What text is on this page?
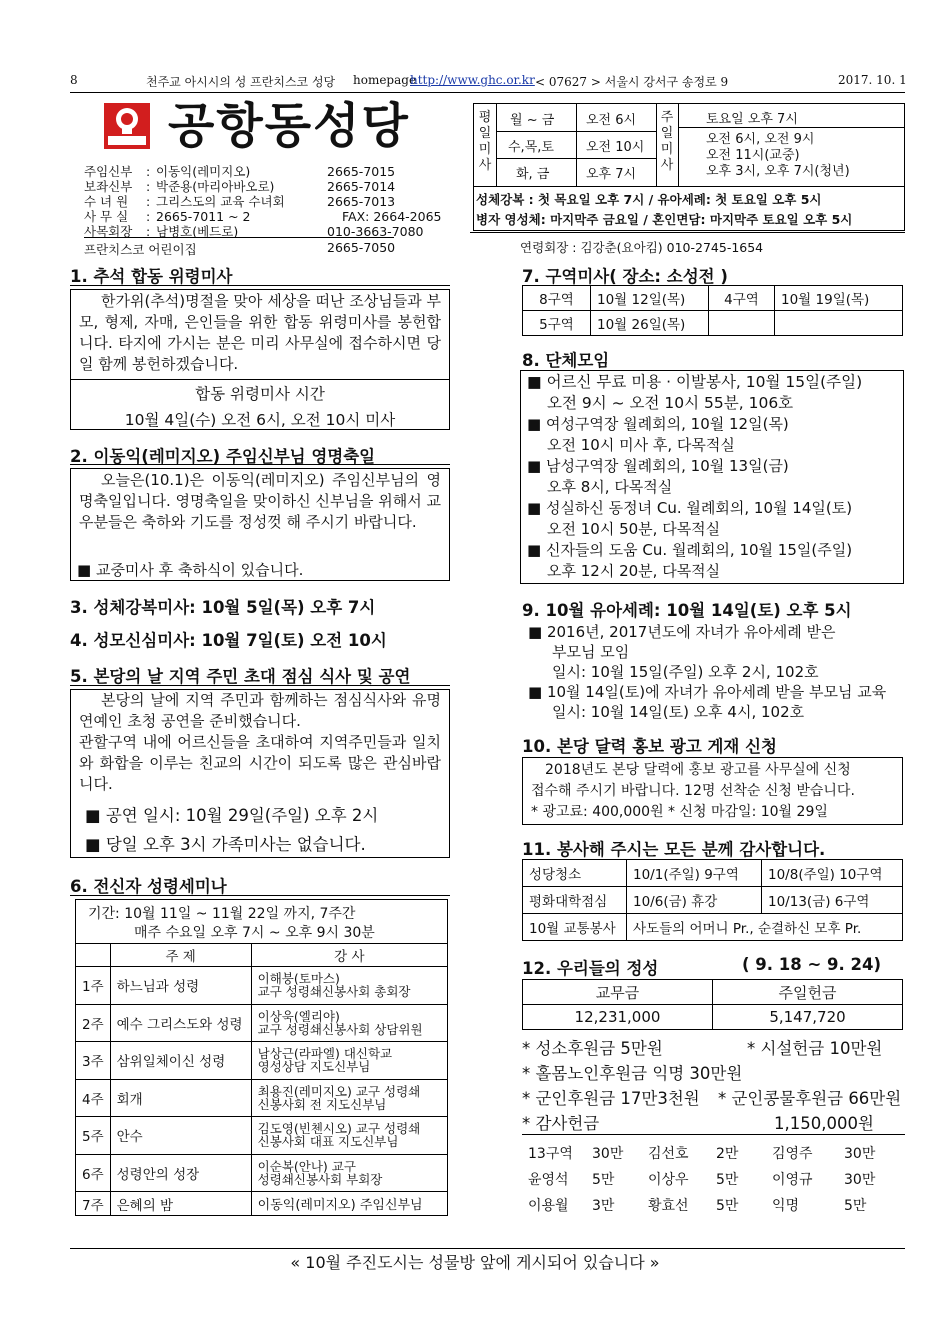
8	천주교 아시시의 성 프란치스코 성당 homepage
http://www.ghc.or.kr < 07627 > 서울시 강서구 송정로 9	2017. 10. 1
공항동성당
주임신부 : 이동익(레미지오)	2665-7015
보좌신부 : 박준용(마리아바오로)	2665-7014
수 녀 원 : 그리스도의 교육 수녀회	2665-7013
사 무 실 : 2665-7011 ~ 2	FAX: 2664-2065
사목회장 : 남병호(베드로)	010-3663-7080
프란치스코 어린이집	2665-7050
평
일
미
사
월 ~ 금 오전 6시
수,목,토 오전 10시
화, 금	오후 7시
주
일
미
사
토요일 오후 7시
오전 6시, 오전 9시
오전 11시(교중)
오후 3시, 오후 7시(청년)
성체강복 : 첫 목요일 오후 7시 / 유아세례: 첫 토요일 오후 5시
병자 영성체: 마지막주 금요일 / 혼인면담: 마지막주 토요일 오후 5시
연령회장 : 김강춘(요아킴) 010-2745-1654
1. 추석 합동 위령미사
한가위(추석)명절을 맞아 세상을 떠난 조상님들과 부모, 형제, 자매, 은인들을 위한 합동 위령미사를 봉헌합니다. 타지에 가시는 분은 미리 사무실에 접수하시면 당일 함께 봉헌하겠습니다.
합동 위령미사 시간
10월 4일(수) 오전 6시, 오전 10시 미사
2. 이동익(레미지오) 주임신부님 영명축일
오늘은(10.1)은 이동익(레미지오) 주임신부님의 영명축일입니다. 영명축일을 맞이하신 신부님을 위해서 교우분들은 축하와 기도를 정성껏 해 주시기 바랍니다.
■ 교중미사 후 축하식이 있습니다.
3. 성체강복미사: 10월 5일(목) 오후 7시
4. 성모신심미사: 10월 7일(토) 오전 10시
5. 본당의 날 지역 주민 초대 점심 식사 및 공연
본당의 날에 지역 주민과 함께하는 점심식사와 유명 연예인 초청 공연을 준비했습니다.
관할구역 내에 어르신들을 초대하여 지역주민들과 일치와 화합을 이루는 친교의 시간이 되도록 많은 관심바랍니다.
■ 공연 일시: 10월 29일(주일) 오후 2시
■ 당일 오후 3시 가족미사는 없습니다.
6. 전신자 성령세미나
기간: 10월 11일 ~ 11월 22일 까지, 7주간
매주 수요일 오후 7시 ~ 오후 9시 30분
	주 제	강 사
1주	하느님과 성령	이해붕(토마스)
교구 성령쇄신봉사회 총회장

2주	예수 그리스도와 성령	이상욱(엘리야)
교구 성령쇄신봉사회 상담위원

3주	삼위일체이신 성령	남상근(라파엘) 대신학교
영성상담 지도신부님

4주	회개	최용진(레미지오) 교구 성령쇄
신봉사회 전 지도신부님

5주	안수	김도영(빈첸시오) 교구 성령쇄
신봉사회 대표 지도신부님

6주	성령안의 성장	이순복(안나) 교구
성령쇄신봉사회 부회장

7주	은혜의 밤	이동익(레미지오) 주임신부님
7. 구역미사( 장소: 소성전 )
8구역	10월 12일(목)	4구역	10월 19일(목)
5구역	10월 26일(목)		
8. 단체모임
■ 어르신 무료 미용 · 이발봉사, 10월 15일(주일)
오전 9시 ~ 오전 10시 55분, 106호
■ 여성구역장 월례회의, 10월 12일(목)
오전 10시 미사 후, 다목적실
■ 남성구역장 월례회의, 10월 13일(금)
오후 8시, 다목적실
■ 성실하신 동정녀 Cu. 월례회의, 10월 14일(토)
오전 10시 50분, 다목적실
■ 신자들의 도움 Cu. 월례회의, 10월 15일(주일)
오후 12시 20분, 다목적실
9. 10월 유아세례: 10월 14일(토) 오후 5시
■ 2016년, 2017년도에 자녀가 유아세례 받은
부모님 모임
일시: 10월 15일(주일) 오후 2시, 102호
■ 10월 14일(토)에 자녀가 유아세례 받을 부모님 교육
일시: 10월 14일(토) 오후 4시, 102호
10. 본당 달력 홍보 광고 게재 신청
2018년도 본당 달력에 홍보 광고를 사무실에 신청
접수해 주시기 바랍니다. 12명 선착순 신청 받습니다.
* 광고료: 400,000원 * 신청 마감일: 10월 29일
11. 봉사해 주시는 모든 분께 감사합니다.
성당청소	10/1(주일) 9구역	10/8(주일) 10구역
평화대학점심	10/6(금) 휴강	10/13(금) 6구역
10월 교통봉사	사도들의 어머니 Pr., 순결하신 모후 Pr.	
12. 우리들의 정성	( 9. 18 ~ 9. 24)
교무금	주일헌금
12,231,000	5,147,720
* 성소후원금 5만원	* 시설헌금 10만원
* 홀몸노인후원금 익명 30만원
* 군인후원금 17만3천원 * 군인콩물후원금 66만원
* 감사헌금	1,150,000원
13구역	30만	김선호	2만	김영주	30만
윤영석	5만	이상우	5만	이영규	30만
이용월	3만	황효선	5만	익명	5만
« 10월 주진도시는 성물방 앞에 게시되어 있습니다 »
